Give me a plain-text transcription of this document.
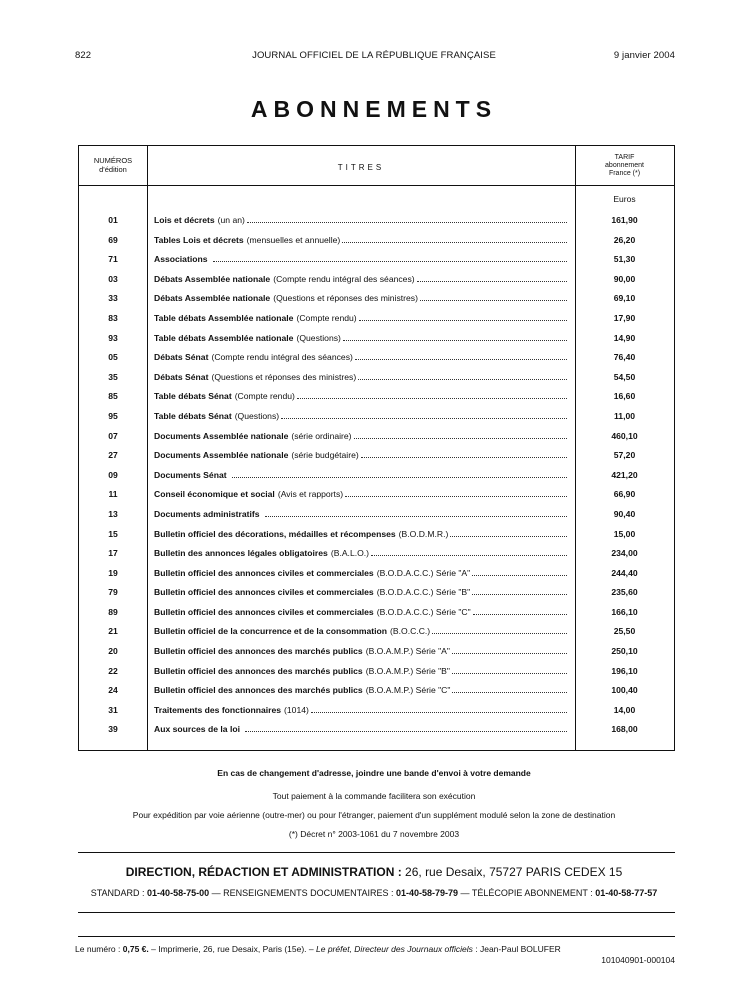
822	JOURNAL OFFICIEL DE LA RÉPUBLIQUE FRANÇAISE	9 janvier 2004
ABONNEMENTS
NUMÉROS
d'édition	TITRES
TARIF
abonnement
France (*)
Euros
01	Lois et décrets (un an)	161,90
69	Tables Lois et décrets (mensuelles et annuelle)	26,20
71	Associations	51,30
03	Débats Assemblée nationale (Compte rendu intégral des séances)	90,00
33	Débats Assemblée nationale (Questions et réponses des ministres)	69,10
83	Table débats Assemblée nationale (Compte rendu)	17,90
93	Table débats Assemblée nationale (Questions)	14,90
05	Débats Sénat (Compte rendu intégral des séances)	76,40
35	Débats Sénat (Questions et réponses des ministres)	54,50
85	Table débats Sénat (Compte rendu)	16,60
95	Table débats Sénat (Questions)	11,00
07	Documents Assemblée nationale (série ordinaire)	460,10
27	Documents Assemblée nationale (série budgétaire)	57,20
09	Documents Sénat	421,20
11	Conseil économique et social (Avis et rapports)	66,90
13	Documents administratifs	90,40
15	Bulletin officiel des décorations, médailles et récompenses (B.O.D.M.R.)	15,00
17	Bulletin des annonces légales obligatoires (B.A.L.O.)	234,00
19	Bulletin officiel des annonces civiles et commerciales (B.O.D.A.C.C.) Série "A"	244,40
79	Bulletin officiel des annonces civiles et commerciales (B.O.D.A.C.C.) Série "B"	235,60
89	Bulletin officiel des annonces civiles et commerciales (B.O.D.A.C.C.) Série "C"	166,10
21	Bulletin officiel de la concurrence et de la consommation (B.O.C.C.)	25,50
20	Bulletin officiel des annonces des marchés publics (B.O.A.M.P.) Série "A"	250,10
22	Bulletin officiel des annonces des marchés publics (B.O.A.M.P.) Série "B"	196,10
24	Bulletin officiel des annonces des marchés publics (B.O.A.M.P.) Série "C"	100,40
31	Traitements des fonctionnaires (1014)	14,00
39	Aux sources de la loi	168,00
En cas de changement d'adresse, joindre une bande d'envoi à votre demande
Tout paiement à la commande facilitera son exécution
Pour expédition par voie aérienne (outre-mer) ou pour l'étranger, paiement d'un supplément modulé selon la zone de destination
(*) Décret n° 2003-1061 du 7 novembre 2003
DIRECTION, RÉDACTION ET ADMINISTRATION : 26, rue Desaix, 75727 PARIS CEDEX 15
STANDARD : 01-40-58-75-00 — RENSEIGNEMENTS DOCUMENTAIRES : 01-40-58-79-79 — TÉLÉCOPIE ABONNEMENT : 01-40-58-77-57
Le numéro : 0,75 €. – Imprimerie, 26, rue Desaix, Paris (15e). – Le préfet, Directeur des Journaux officiels : Jean-Paul BOLUFER
101040901-000104
